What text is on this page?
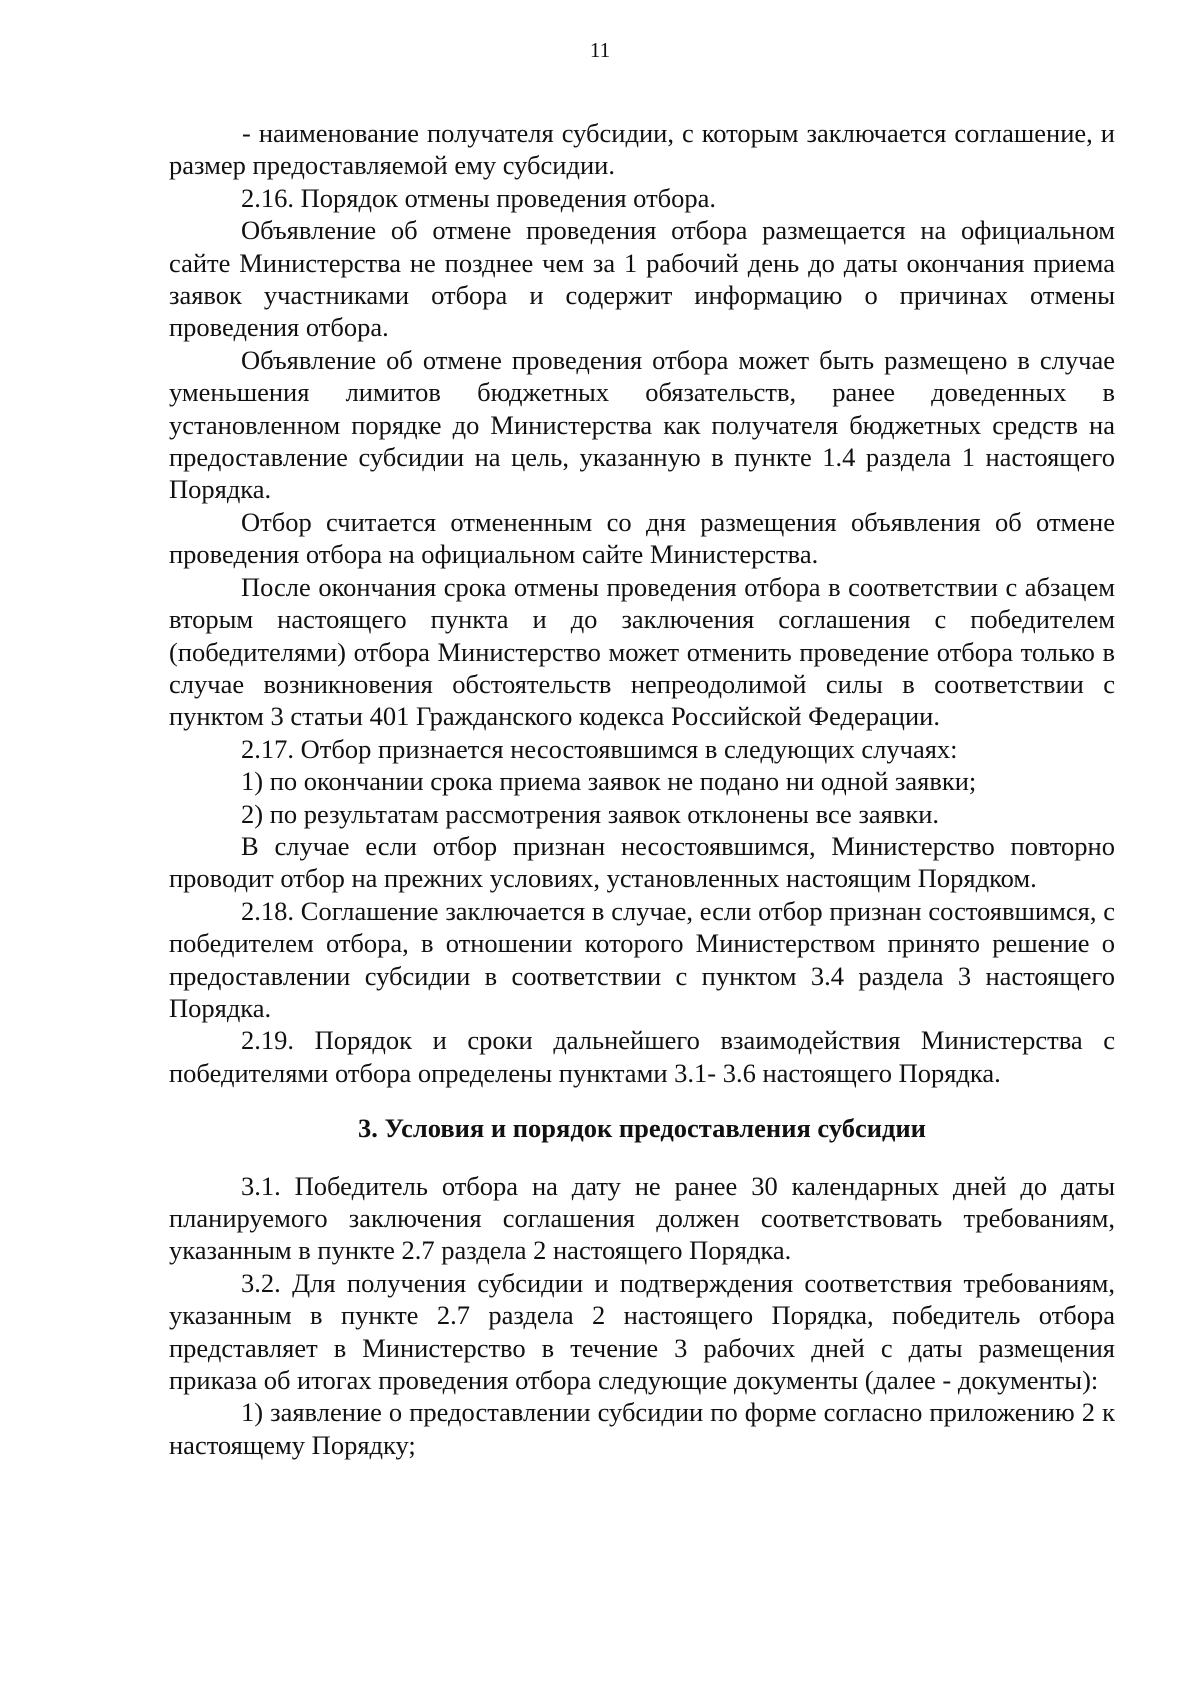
11

- наименование получателя субсидии, с которым заключается соглашение, и размер предоставляемой ему субсидии.

2.16. Порядок отмены проведения отбора.

Объявление об отмене проведения отбора размещается на официальном сайте Министерства не позднее чем за 1 рабочий день до даты окончания приема заявок участниками отбора и содержит информацию о причинах отмены проведения отбора.

Объявление об отмене проведения отбора может быть размещено в случае уменьшения лимитов бюджетных обязательств, ранее доведенных в установленном порядке до Министерства как получателя бюджетных средств на предоставление субсидии на цель, указанную в пункте 1.4 раздела 1 настоящего Порядка.

Отбор считается отмененным со дня размещения объявления об отмене проведения отбора на официальном сайте Министерства.

После окончания срока отмены проведения отбора в соответствии с абзацем вторым настоящего пункта и до заключения соглашения с победителем (победителями) отбора Министерство может отменить проведение отбора только в случае возникновения обстоятельств непреодолимой силы в соответствии с пунктом 3 статьи 401 Гражданского кодекса Российской Федерации.

2.17. Отбор признается несостоявшимся в следующих случаях:

1) по окончании срока приема заявок не подано ни одной заявки;

2) по результатам рассмотрения заявок отклонены все заявки.

В случае если отбор признан несостоявшимся, Министерство повторно проводит отбор на прежних условиях, установленных настоящим Порядком.

2.18. Соглашение заключается в случае, если отбор признан состоявшимся, с победителем отбора, в отношении которого Министерством принято решение о предоставлении субсидии в соответствии с пунктом 3.4 раздела 3 настоящего Порядка.

2.19. Порядок и сроки дальнейшего взаимодействия Министерства с победителями отбора определены пунктами 3.1- 3.6 настоящего Порядка.

3. Условия и порядок предоставления субсидии

3.1. Победитель отбора на дату не ранее 30 календарных дней до даты планируемого заключения соглашения должен соответствовать требованиям, указанным в пункте 2.7 раздела 2 настоящего Порядка.

3.2. Для получения субсидии и подтверждения соответствия требованиям, указанным в пункте 2.7 раздела 2 настоящего Порядка, победитель отбора представляет в Министерство в течение 3 рабочих дней с даты размещения приказа об итогах проведения отбора следующие документы (далее - документы):

1) заявление о предоставлении субсидии по форме согласно приложению 2 к настоящему Порядку;
